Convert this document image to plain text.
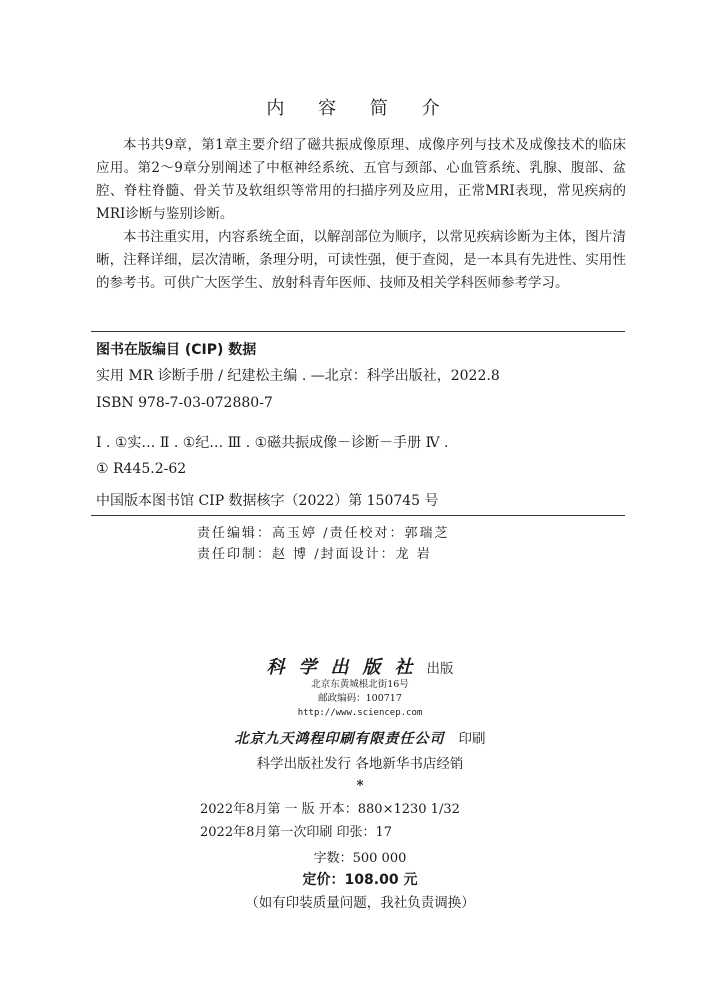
内 容 简 介

本书共9章，第1章主要介绍了磁共振成像原理、成像序列与技术及成像技术的临床应用。第2～9章分别阐述了中枢神经系统、五官与颈部、心血管系统、乳腺、腹部、盆腔、脊柱脊髓、骨关节及软组织等常用的扫描序列及应用，正常MRI表现，常见疾病的MRI诊断与鉴别诊断。

本书注重实用，内容系统全面，以解剖部位为顺序，以常见疾病诊断为主体，图片清晰，注释详细，层次清晰，条理分明，可读性强，便于查阅，是一本具有先进性、实用性的参考书。可供广大医学生、放射科青年医师、技师及相关学科医师参考学习。

图书在版编目 (CIP) 数据
实用 MR 诊断手册 / 纪建松主编 . —北京：科学出版社，2022.8
ISBN 978-7-03-072880-7
Ⅰ . ①实… Ⅱ . ①纪… Ⅲ . ①磁共振成像－诊断－手册 Ⅳ .
① R445.2-62
中国版本图书馆 CIP 数据核字（2022）第 150745 号
责任编辑：高玉婷 /责任校对：郭瑞芝
责任印制：赵 博 /封面设计：龙 岩
科学出版社出版
北京东黄城根北街16号
邮政编码：100717
http://www.sciencep.com
北京九天鸿程印刷有限责任公司 印刷
科学出版社发行 各地新华书店经销
*
2022年8月第 一 版 开本：880×1230 1/32
2022年8月第一次印刷 印张：17
字数：500 000
定价：108.00 元
（如有印装质量问题，我社负责调换）
